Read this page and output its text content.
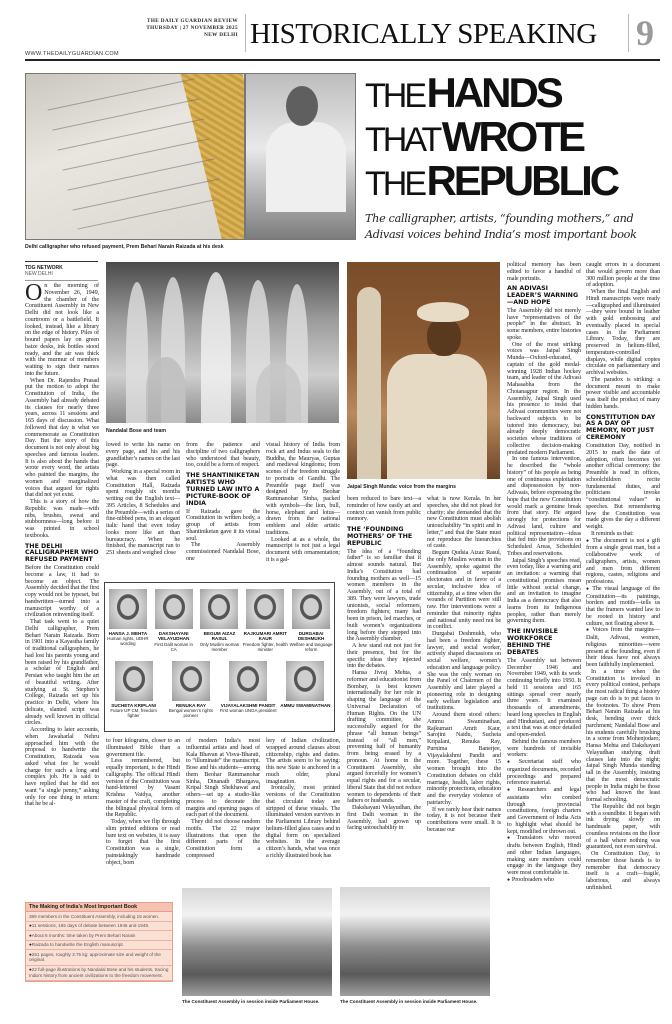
THE DAILY GUARDIAN REVIEW
THURSDAY | 27 NOVEMBER 2025
NEW DELHI HISTORICALLY SPEAKING 9
WWW.THEDAILYGUARDIAN.COM
Delhi calligrapher who refused payment, Prem Behari Narain Raizada at his desk
THE HANDS
THAT WROTE
THE REPUBLIC
The calligrapher, artists, “founding mothers,” and Adivasi voices behind India’s most important book
TDG NETWORK
NEW DELHI
Nandalal Bose and team
Jaipal Singh Munda: voice from the margins
HANSA J. MEHTA
Human rights, UDHR wording
DAKSHAYANI VELAYUDHAN
First Dalit woman in CA
BEGUM AIZAZ RASUL
Only Muslim woman member
RAJKUMARI AMRIT KAUR
Freedom fighter, health minister
DURGABAI DESHMUKH
Welfare and language reform
SUCHETA KRIPLANI
Future UP CM, freedom fighter
RENUKA RAY
Bengal women’s rights pioneer
VIJAYALAKSHMI PANDIT
First woman UNGA president
AMMU SWAMINATHAN
The Making of India’s Most Important Book
389 members in the Constituent Assembly, including 15 women.
● 11 sessions, 165 days of debate between 1946 and 1949.
● About 6 months: time taken by Prem Behari Narain
● Raizada to handwrite the English manuscript.
● 251 pages, roughly 3.75 kg: approximate size and weight of the original.
● 22 full-page illustrations by Nandalal Bose and his students, tracing India’s history from ancient civilizations to the freedom movement.
The Constituent Assembly in session inside Parliament House.	The Constituent Assembly in session inside Parliament House.

On the morning of November 26, 1949, the chamber of the Constituent Assembly in New Delhi did not look like a courtroom or a battlefield. It looked, instead, like a library on the edge of history. Piles of bound papers lay on green baize desks, ink bottles stood ready, and the air was thick with the murmur of members waiting to sign their names into the future.

When Dr. Rajendra Prasad put the motion to adopt the Constitution of India, the Assembly had already debated its clauses for nearly three years, across 11 sessions and 165 days of discussion. What followed that day is what we commemorate as Constitution Day. But the story of this document is not only about big speeches and famous leaders. It is also about the hands that wrote every word, the artists who painted the margins, the women and marginalized voices that argued for rights that did not yet exist.

This is a story of how the Republic was made—with nibs, brushes, sweat and stubbornness—long before it was printed in school textbooks.

THE DELHI CALLIGRAPHER WHO REFUSED PAYMENT

Before the Constitution could become a law, it had to become an object. The Assembly decided that the first copy would not be typeset, but handwritten—turned into a manuscript worthy of a civilization reinventing itself.

That task went to a quiet Delhi calligrapher, Prem Behari Narain Raizada. Born in 1901 into a Kayastha family of traditional calligraphers, he had lost his parents young and been raised by his grandfather, a scholar of English and Persian who taught him the art of beautiful writing. After studying at St. Stephen’s College, Raizada set up his practice in Delhi, where his delicate, slanted script was already well known in official circles.

According to later accounts, when Jawaharlal Nehru approached him with the proposal to handwrite the Constitution, Raizada was asked what fee he would charge for such a long and complex job. He is said to have replied that he did not want “a single penny,” asking only for one thing in return: that he be al-

lowed to write his name on every page, and his and his grandfather’s names on the last page.

Working in a special room in what was then called Constitution Hall, Raizada spent roughly six months writing out the English text—395 Articles, 8 Schedules and the Preamble—with a series of fine-nibbed pens, in an elegant italic hand that even today looks more like art than bureaucracy. When he finished, the manuscript ran to 251 sheets and weighed close

from the patience and discipline of two calligraphers who understood that beauty, too, could be a form of respect.

THE SHANTINIKETAN ARTISTS WHO TURNED LAW INTO A PICTURE-BOOK OF INDIA

If Raizada gave the Constitution its written body, a group of artists from Shantiniketan gave it its visual soul.

The Assembly commissioned Nandalal Bose, one

visual history of India from rock art and Indus seals to the Buddha, the Mauryas, Guptas and medieval kingdoms; from scenes of the freedom struggle to portraits of Gandhi. The Preamble page itself was designed by Beohar Rammanohar Sinha, packed with symbols—the lion, bull, horse, elephant and lotus—drawn from the national emblem and older artistic traditions.

Looked at as a whole, the manuscript is not just a legal document with ornamentation; it is a gal-

to four kilograms, closer to an illuminated Bible than a government file.

Less remembered, but equally important, is the Hindi calligraphy. The official Hindi version of the Constitution was hand-lettered by Vasant Krishna Vaidya, another master of the craft, completing the bilingual physical form of the Republic.

Today, when we flip through slim printed editions or read bare text on websites, it is easy to forget that the first Constitution was a single, painstakingly handmade object, born

of modern India’s most influential artists and head of Kala Bhavan at Visva-Bharati, to “illuminate” the manuscript. Bose and his students—among them Beohar Rammanohar Sinha, Dinanath Bhargava, Kripal Singh Shekhawat and others—set up a studio-like process to decorate the margins and opening pages of each part of the document.

They did not choose random motifs. The 22 major illustrations that open the different parts of the Constitution form a compressed

lery of Indian civilization, wrapped around clauses about citizenship, rights and duties. The artists seem to be saying: this new State is anchored in a much older, plural imagination.

Ironically, most printed versions of the Constitution that circulate today are stripped of these visuals. The illuminated version survives in the Parliament Library behind helium-filled glass cases and in digital form on specialized websites. In the average citizen’s hands, what was once a richly illustrated book has

been reduced to bare text—a reminder of how easily art and context can vanish from public memory.

THE ‘FOUNDING MOTHERS’ OF THE REPUBLIC

The idea of a “founding father” is so familiar that it almost sounds natural. But India’s Constitution had founding mothers as well—15 women members in the Assembly, out of a total of 389. They were lawyers, trade unionists, social reformers, freedom fighters; many had been in prison, led marches, or built women’s organizations long before they stepped into the Assembly chamber.

A few stand out not just for their presence, but for the specific ideas they injected into the debates.

Hansa Jivraj Mehta, a reformer and educationist from Bombay, is best known internationally for her role in shaping the language of the Universal Declaration of Human Rights. On the UN drafting committee, she successfully argued for the phrase “all human beings” instead of “all men,” preventing half of humanity from being erased by a pronoun. At home in the Constituent Assembly, she argued forcefully for women’s equal rights and for a secular, liberal State that did not reduce women to dependents of their fathers or husbands.

Dakshayani Velayudhan, the first Dalit woman in the Assembly, had grown up facing untouchability in

what is now Kerala. In her speeches, she did not plead for charity; she demanded that the new Constitution must abolish untouchability “in spirit and in letter,” and that the State must not reproduce the hierarchies of caste.

Begum Qudsia Aizaz Rasul, the only Muslim woman in the Assembly, spoke against the continuation of separate electorates and in favor of a secular, inclusive idea of citizenship, at a time when the wounds of Partition were still raw. Her interventions were a reminder that minority rights and national unity need not be in conflict.

Durgabai Deshmukh, who had been a freedom fighter, lawyer, and social worker, actively shaped discussions on social welfare, women’s education and language policy. She was the only woman on the Panel of Chairmen of the Assembly and later played a pioneering role in designing early welfare legislation and institutions.

Around them stood others: Ammu Swaminathan, Rajkumari Amrit Kaur, Sarojini Naidu, Sucheta Kripalani, Renuka Ray, Purnima Banerjee, Vijayalakshmi Pandit and more. Together, these 15 women brought into the Constitution debates on child marriage, health, labor rights, minority protections, education and the everyday violence of patriarchy.

If we rarely hear their names today, it is not because their contributions were small. It is because our

political memory has been edited to favor a handful of male portraits.

AN ADIVASI LEADER’S WARNING—AND HOPE

The Assembly did not merely have “representatives of the people” in the abstract. In some members, entire histories spoke.

One of the most striking voices was Jaipal Singh Munda—Oxford-educated, captain of the gold medal-winning 1928 Indian hockey team, and leader of the Adivasi Mahasabha from the Chotanagpur region. In the Assembly, Jaipal Singh used his presence to insist that Adivasi communities were not backward subjects to be tutored into democracy, but already deeply democratic societies whose traditions of collective decision-making predated modern Parliament.

In one famous intervention, he described the “whole history” of his people as being one of continuous exploitation and dispossession by non-Adivasis, before expressing the hope that the new Constitution would mark a genuine break from that story. He argued strongly for protections for Adivasi land, culture and political representation—ideas that fed into the provisions on Scheduled Areas, Scheduled Tribes and reservations.

Jaipal Singh’s speeches read, even today, like a warning and an invitation: a warning that constitutional promises mean little without social change, and an invitation to imagine India as a democracy that also learns from its Indigenous peoples, rather than merely governing them.

THE INVISIBLE WORKFORCE BEHIND THE DEBATES

The Assembly sat between December 1946 and November 1949, with its work continuing briefly into 1950. It held 11 sessions and 165 sittings spread over nearly three years. It examined thousands of amendments, heard long speeches in English and Hindustani, and produced a text that was at once detailed and open-ended.

Behind the famous members were hundreds of invisible workers:

● Secretariat staff who organized documents, recorded proceedings and prepared reference material.

● Researchers and legal assistants who combed through provincial constitutions, foreign charters and Government of India Acts to highlight what should be kept, modified or thrown out.

● Translators who moved drafts between English, Hindi and other Indian languages, making sure members could engage in the language they were most comfortable in.

● Proofreaders who

caught errors in a document that would govern more than 300 million people at the time of adoption.

When the final English and Hindi manuscripts were ready—calligraphed and illuminated—they were bound in leather with gold embossing and eventually placed in special cases in the Parliament Library. Today, they are preserved in helium-filled, temperature-controlled displays, while digital copies circulate on parliamentary and archival websites.

The paradox is striking: a document meant to make power visible and accountable was itself the product of many hidden hands.

CONSTITUTION DAY AS A DAY OF MEMORY, NOT JUST CEREMONY

Constitution Day, notified in 2015 to mark the date of adoption, often becomes yet another official ceremony: the Preamble is read in offices, schoolchildren recite fundamental duties, and politicians invoke “constitutional values” in speeches. But remembering how the Constitution was made gives the day a different weight.

It reminds us that:

● The document is not a gift from a single great man, but a collaborative work of calligraphers, artists, women and men from different regions, castes, religions and professions.

● The visual language of the Constitution—its paintings, borders and motifs—tells us that the framers wanted law to be rooted in history and culture, not floating above it.

● Voices from the margins—Dalit, Adivasi, women, religious minorities—were present at the founding, even if their ideas have not always been faithfully implemented.

In a time when the Constitution is invoked in every political contest, perhaps the most radical thing a history page can do is to put faces to the footnotes. To show Prem Behari Narain Raizada at his desk, bending over thick parchment; Nandalal Bose and his students carefully brushing in a scene from Mohenjodaro; Hansa Mehta and Dakshayani Velayudhan studying draft clauses late into the night; Jaipal Singh Munda standing tall in the Assembly, insisting that the most democratic people in India might be those who had known the least formal schooling.

The Republic did not begin with a soundbite. It began with ink drying slowly on handmade paper, with countless revisions on the floor of a hall where nothing was guaranteed, not even survival.

On Constitution Day, to remember those hands is to remember that democracy itself is a craft—fragile, laborious, and always unfinished.
